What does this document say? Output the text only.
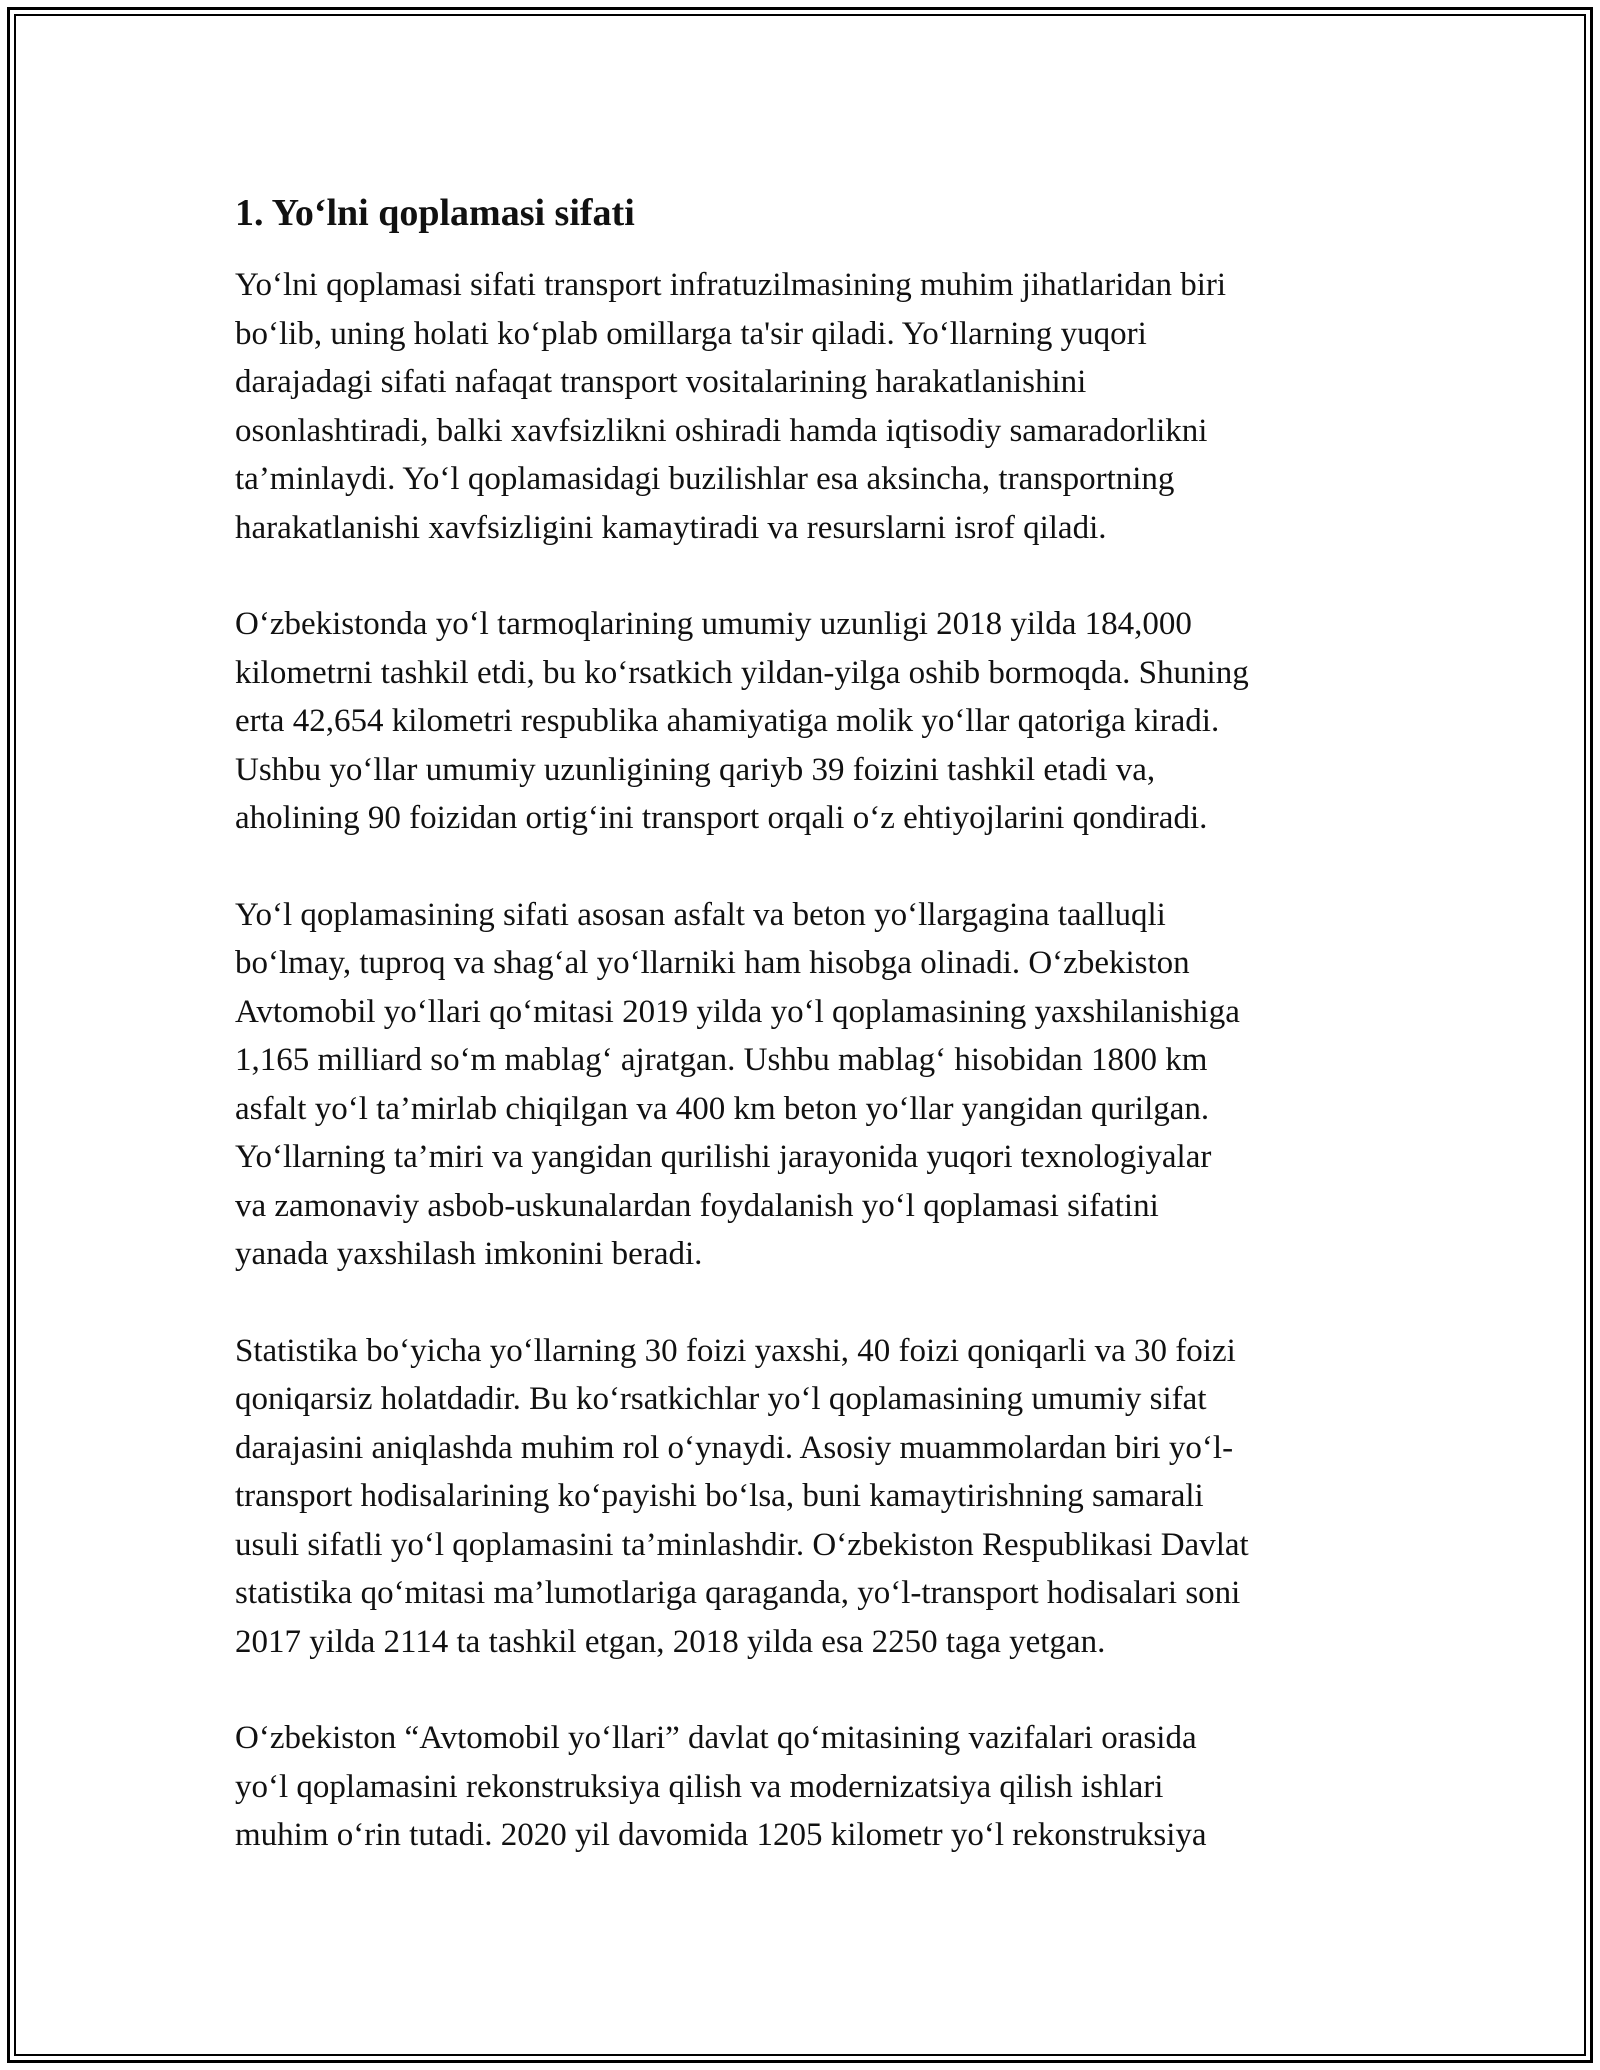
1. Yo‘lni qoplamasi sifati

Yo‘lni qoplamasi sifati transport infratuzilmasining muhim jihatlaridan biri
bo‘lib, uning holati ko‘plab omillarga ta'sir qiladi. Yo‘llarning yuqori
darajadagi sifati nafaqat transport vositalarining harakatlanishini
osonlashtiradi, balki xavfsizlikni oshiradi hamda iqtisodiy samaradorlikni
ta’minlaydi. Yo‘l qoplamasidagi buzilishlar esa aksincha, transportning
harakatlanishi xavfsizligini kamaytiradi va resurslarni isrof qiladi.

O‘zbekistonda yo‘l tarmoqlarining umumiy uzunligi 2018 yilda 184,000
kilometrni tashkil etdi, bu ko‘rsatkich yildan-yilga oshib bormoqda. Shuning
erta 42,654 kilometri respublika ahamiyatiga molik yo‘llar qatoriga kiradi.
Ushbu yo‘llar umumiy uzunligining qariyb 39 foizini tashkil etadi va,
aholining 90 foizidan ortig‘ini transport orqali o‘z ehtiyojlarini qondiradi.

Yo‘l qoplamasining sifati asosan asfalt va beton yo‘llargagina taalluqli
bo‘lmay, tuproq va shag‘al yo‘llarniki ham hisobga olinadi. O‘zbekiston
Avtomobil yo‘llari qo‘mitasi 2019 yilda yo‘l qoplamasining yaxshilanishiga
1,165 milliard so‘m mablag‘ ajratgan. Ushbu mablag‘ hisobidan 1800 km
asfalt yo‘l ta’mirlab chiqilgan va 400 km beton yo‘llar yangidan qurilgan.
Yo‘llarning ta’miri va yangidan qurilishi jarayonida yuqori texnologiyalar
va zamonaviy asbob-uskunalardan foydalanish yo‘l qoplamasi sifatini
yanada yaxshilash imkonini beradi.

Statistika bo‘yicha yo‘llarning 30 foizi yaxshi, 40 foizi qoniqarli va 30 foizi
qoniqarsiz holatdadir. Bu ko‘rsatkichlar yo‘l qoplamasining umumiy sifat
darajasini aniqlashda muhim rol o‘ynaydi. Asosiy muammolardan biri yo‘l-
transport hodisalarining ko‘payishi bo‘lsa, buni kamaytirishning samarali
usuli sifatli yo‘l qoplamasini ta’minlashdir. O‘zbekiston Respublikasi Davlat
statistika qo‘mitasi ma’lumotlariga qaraganda, yo‘l-transport hodisalari soni
2017 yilda 2114 ta tashkil etgan, 2018 yilda esa 2250 taga yetgan.

O‘zbekiston “Avtomobil yo‘llari” davlat qo‘mitasining vazifalari orasida
yo‘l qoplamasini rekonstruksiya qilish va modernizatsiya qilish ishlari
muhim o‘rin tutadi. 2020 yil davomida 1205 kilometr yo‘l rekonstruksiya
